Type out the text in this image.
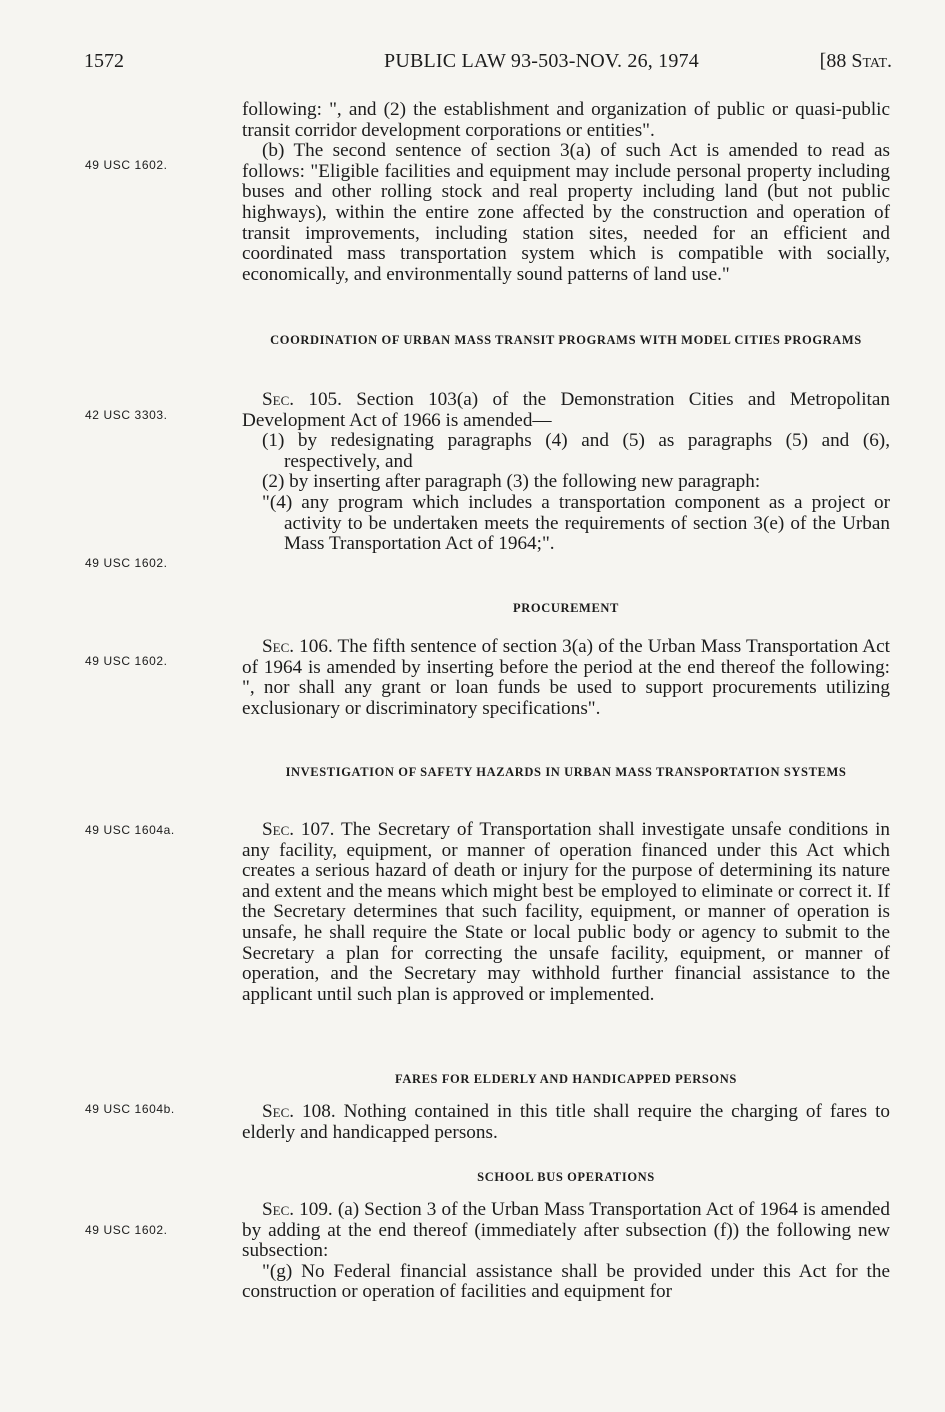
1572	PUBLIC LAW 93-503-NOV. 26, 1974	[88 Stat.
49 USC 1602.
42 USC 3303.
49 USC 1602.
49 USC 1602.
49 USC 1604a.
49 USC 1604b.
49 USC 1602.

following: ", and (2) the establishment and organization of public or quasi-public transit corridor development corporations or entities".

(b) The second sentence of section 3(a) of such Act is amended to read as follows: "Eligible facilities and equipment may include personal property including buses and other rolling stock and real property including land (but not public highways), within the entire zone affected by the construction and operation of transit improvements, including station sites, needed for an efficient and coordinated mass transportation system which is compatible with socially, economically, and environmentally sound patterns of land use."

COORDINATION OF URBAN MASS TRANSIT PROGRAMS WITH MODEL CITIES PROGRAMS

Sec. 105. Section 103(a) of the Demonstration Cities and Metropolitan Development Act of 1966 is amended—

(1) by redesignating paragraphs (4) and (5) as paragraphs (5) and (6), respectively, and

(2) by inserting after paragraph (3) the following new paragraph:

"(4) any program which includes a transportation component as a project or activity to be undertaken meets the requirements of section 3(e) of the Urban Mass Transportation Act of 1964;".

PROCUREMENT

Sec. 106. The fifth sentence of section 3(a) of the Urban Mass Transportation Act of 1964 is amended by inserting before the period at the end thereof the following: ", nor shall any grant or loan funds be used to support procurements utilizing exclusionary or discriminatory specifications".

INVESTIGATION OF SAFETY HAZARDS IN URBAN MASS TRANSPORTATION SYSTEMS

Sec. 107. The Secretary of Transportation shall investigate unsafe conditions in any facility, equipment, or manner of operation financed under this Act which creates a serious hazard of death or injury for the purpose of determining its nature and extent and the means which might best be employed to eliminate or correct it. If the Secretary determines that such facility, equipment, or manner of operation is unsafe, he shall require the State or local public body or agency to submit to the Secretary a plan for correcting the unsafe facility, equipment, or manner of operation, and the Secretary may withhold further financial assistance to the applicant until such plan is approved or implemented.

FARES FOR ELDERLY AND HANDICAPPED PERSONS

Sec. 108. Nothing contained in this title shall require the charging of fares to elderly and handicapped persons.

SCHOOL BUS OPERATIONS

Sec. 109. (a) Section 3 of the Urban Mass Transportation Act of 1964 is amended by adding at the end thereof (immediately after subsection (f)) the following new subsection:

"(g) No Federal financial assistance shall be provided under this Act for the construction or operation of facilities and equipment for
